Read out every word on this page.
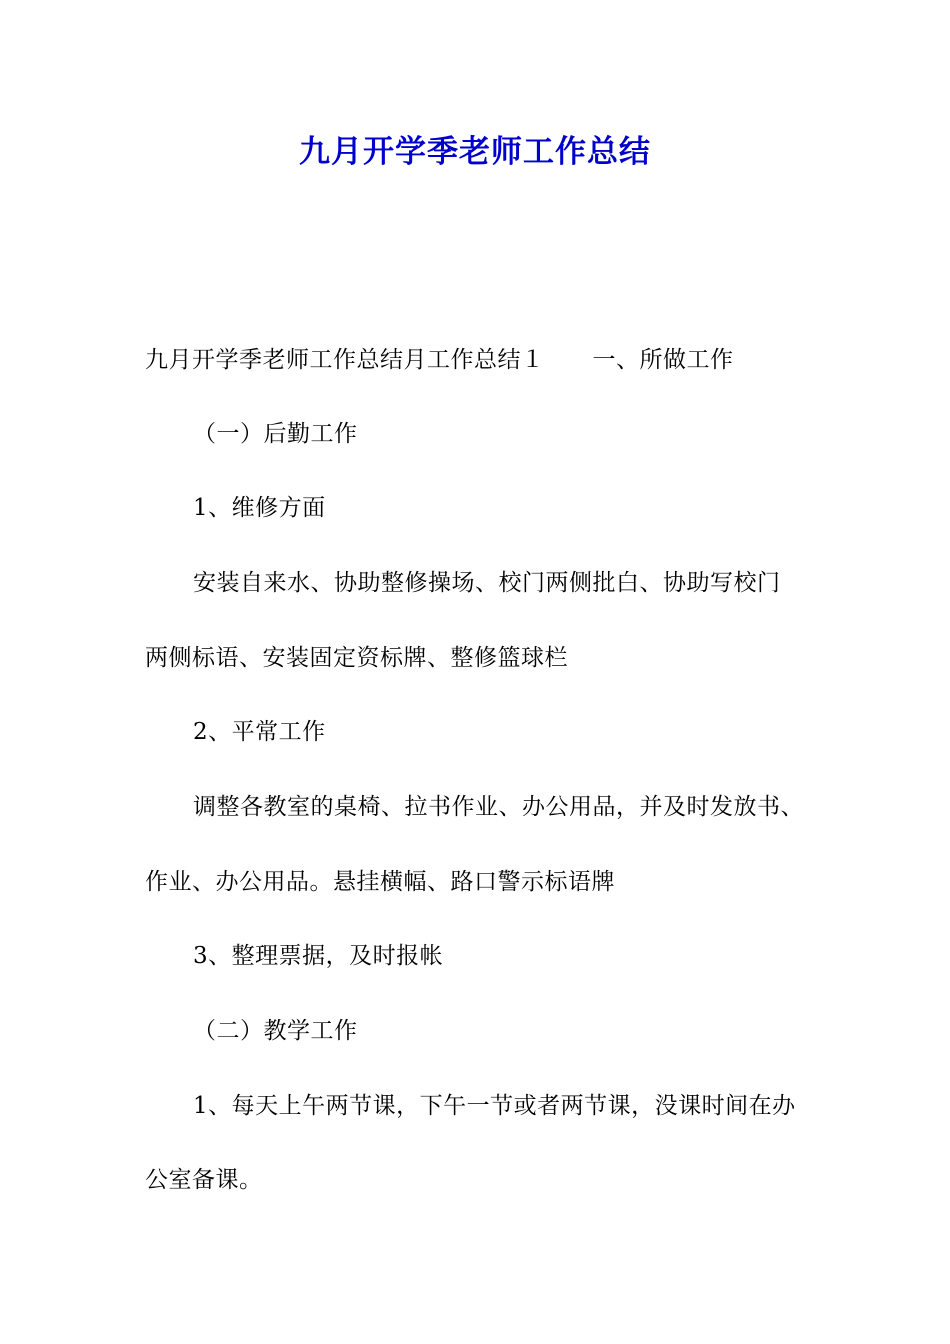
九月开学季老师工作总结
九月开学季老师工作总结月工作总结１ 一、所做工作
（一）后勤工作
1、维修方面
安装自来水、协助整修操场、校门两侧批白、协助写校门
两侧标语、安装固定资标牌、整修篮球栏
2、平常工作
调整各教室的桌椅、拉书作业、办公用品，并及时发放书、
作业、办公用品。悬挂横幅、路口警示标语牌
3、整理票据，及时报帐
（二）教学工作
1、每天上午两节课，下午一节或者两节课，没课时间在办
公室备课。
